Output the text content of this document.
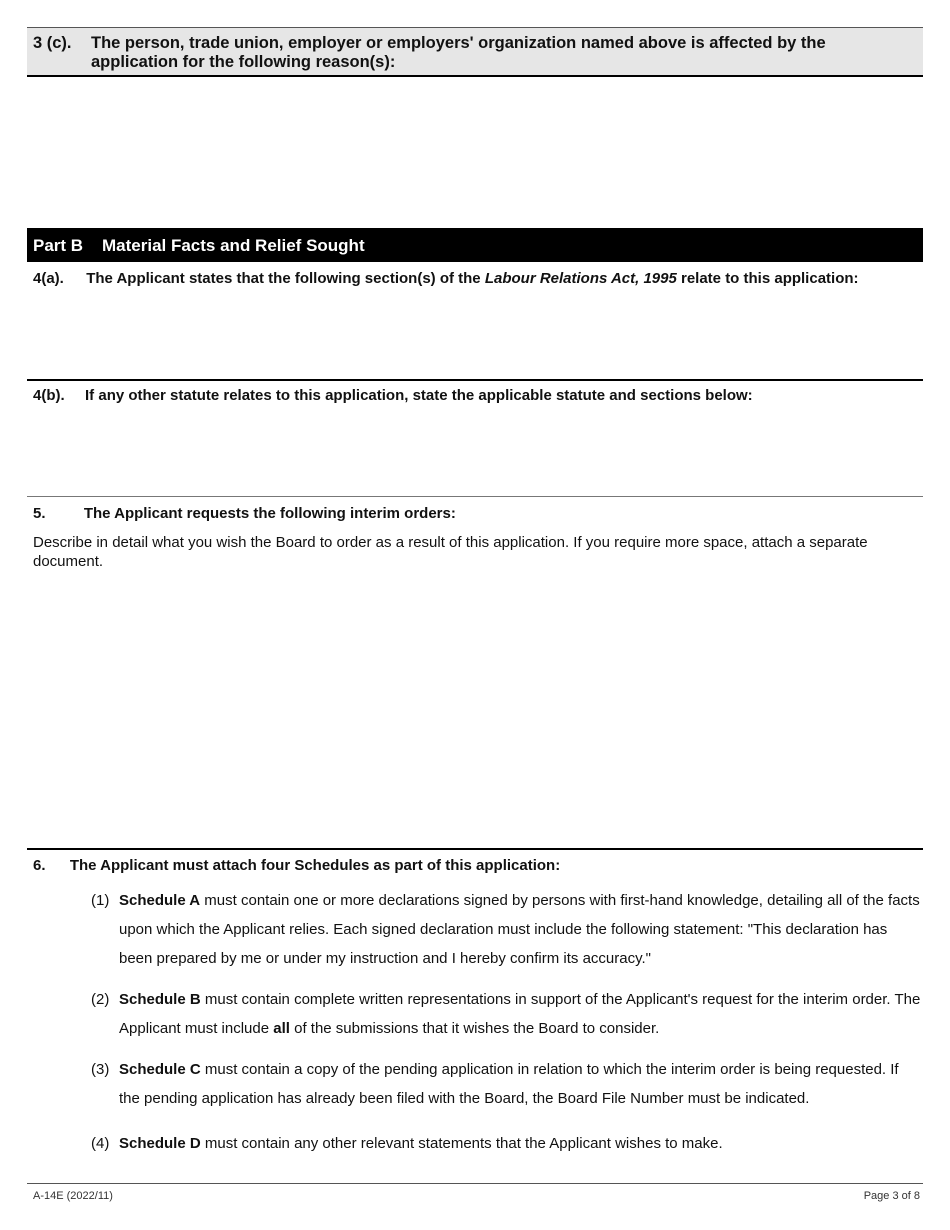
3 (c). The person, trade union, employer or employers' organization named above is affected by the application for the following reason(s):
Part B Material Facts and Relief Sought
4(a). The Applicant states that the following section(s) of the Labour Relations Act, 1995 relate to this application:
4(b). If any other statute relates to this application, state the applicable statute and sections below:
5.	The Applicant requests the following interim orders:
Describe in detail what you wish the Board to order as a result of this application. If you require more space, attach a separate document.
6. The Applicant must attach four Schedules as part of this application:
(1) Schedule A must contain one or more declarations signed by persons with first-hand knowledge, detailing all of the facts upon which the Applicant relies. Each signed declaration must include the following statement: "This declaration has been prepared by me or under my instruction and I hereby confirm its accuracy."
(2) Schedule B must contain complete written representations in support of the Applicant's request for the interim order. The Applicant must include all of the submissions that it wishes the Board to consider.
(3) Schedule C must contain a copy of the pending application in relation to which the interim order is being requested. If the pending application has already been filed with the Board, the Board File Number must be indicated.
(4) Schedule D must contain any other relevant statements that the Applicant wishes to make.
A-14E (2022/11)	Page 3 of 8
